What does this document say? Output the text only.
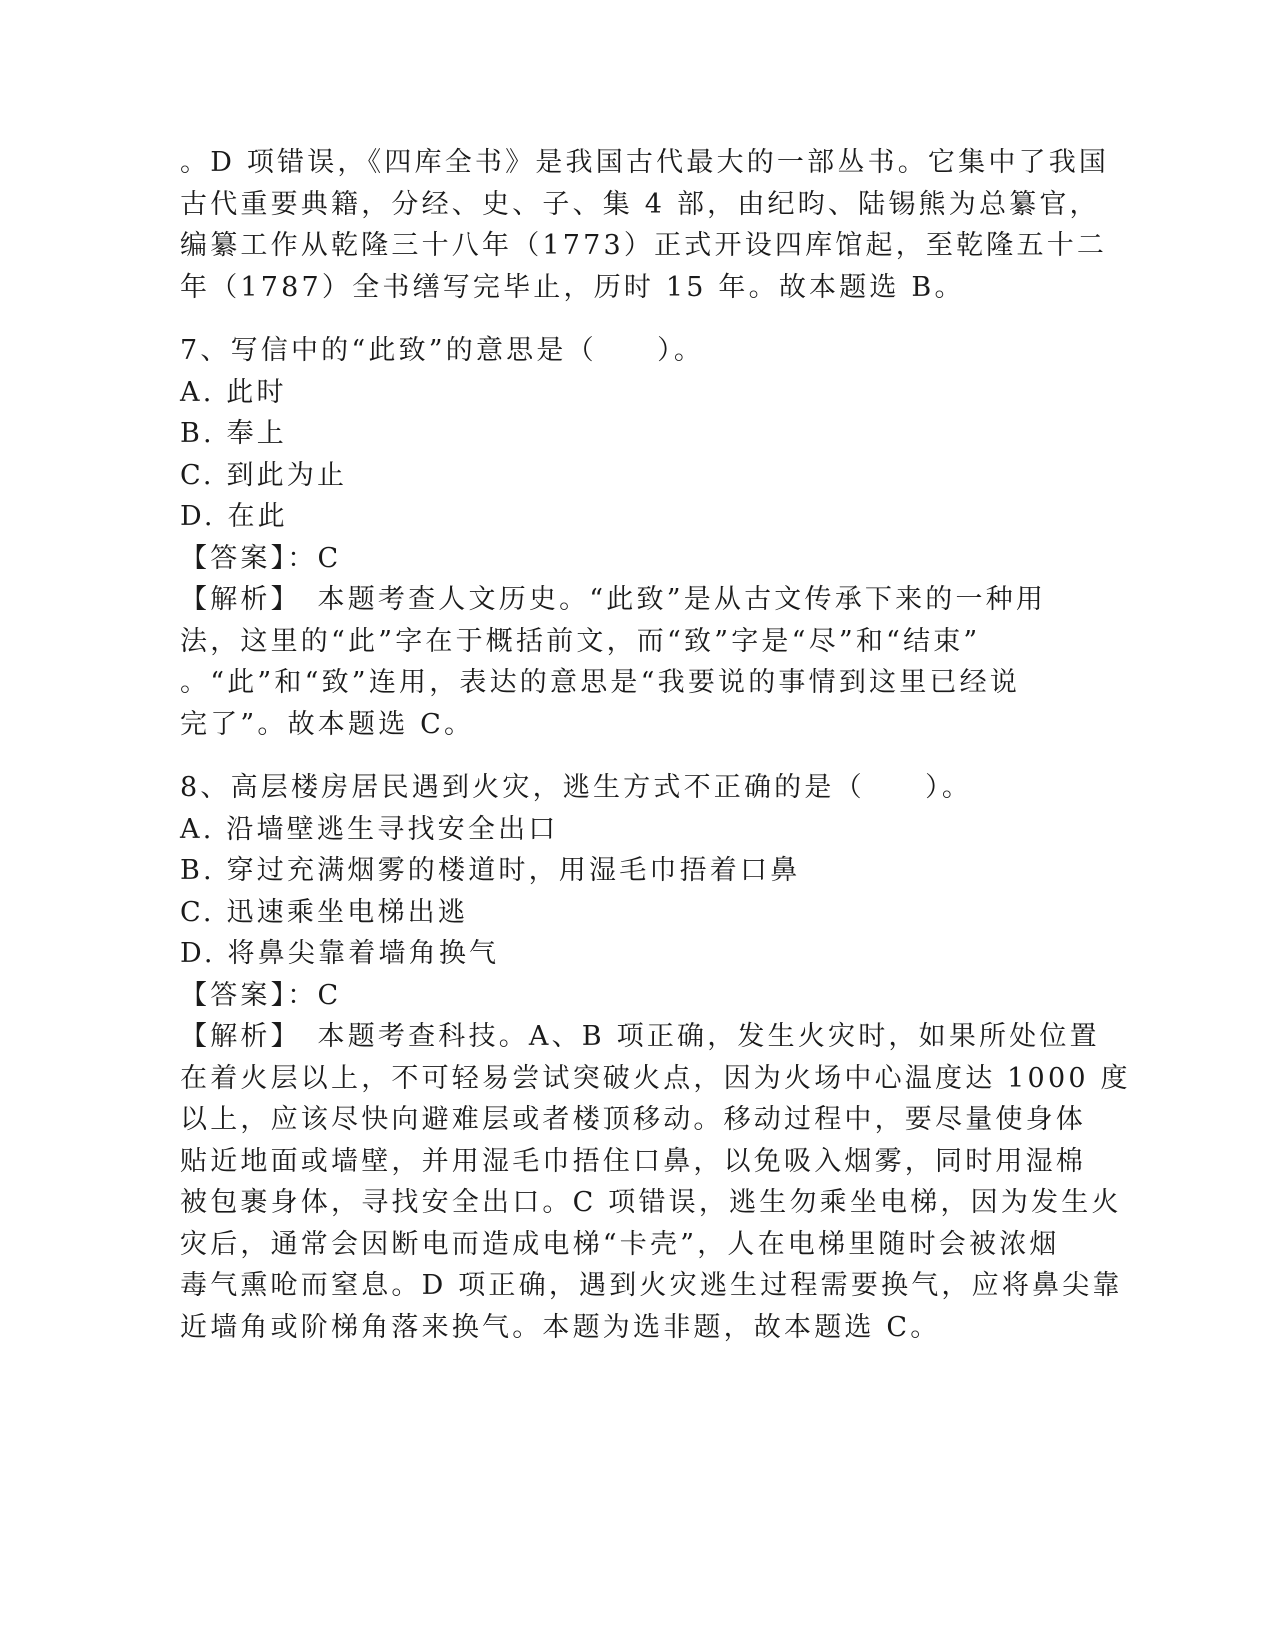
。D 项错误，《四库全书》是我国古代最大的一部丛书。它集中了我国
古代重要典籍，分经、史、子、集 4 部，由纪昀、陆锡熊为总纂官，
编纂工作从乾隆三十八年（1773）正式开设四库馆起，至乾隆五十二
年（1787）全书缮写完毕止，历时 15 年。故本题选 B。
7、写信中的“此致”的意思是（　　）。
A. 此时
B. 奉上
C. 到此为止
D. 在此
【答案】：C
【解析】　本题考查人文历史。“此致”是从古文传承下来的一种用
法，这里的“此”字在于概括前文，而“致”字是“尽”和“结束”
。“此”和“致”连用，表达的意思是“我要说的事情到这里已经说
完了”。故本题选 C。
8、高层楼房居民遇到火灾，逃生方式不正确的是（　　）。
A. 沿墙壁逃生寻找安全出口
B. 穿过充满烟雾的楼道时，用湿毛巾捂着口鼻
C. 迅速乘坐电梯出逃
D. 将鼻尖靠着墙角换气
【答案】：C
【解析】　本题考查科技。A、B 项正确，发生火灾时，如果所处位置
在着火层以上，不可轻易尝试突破火点，因为火场中心温度达 1000 度
以上，应该尽快向避难层或者楼顶移动。移动过程中，要尽量使身体
贴近地面或墙壁，并用湿毛巾捂住口鼻，以免吸入烟雾，同时用湿棉
被包裹身体，寻找安全出口。C 项错误，逃生勿乘坐电梯，因为发生火
灾后，通常会因断电而造成电梯“卡壳”，人在电梯里随时会被浓烟
毒气熏呛而窒息。D 项正确，遇到火灾逃生过程需要换气，应将鼻尖靠
近墙角或阶梯角落来换气。本题为选非题，故本题选 C。
